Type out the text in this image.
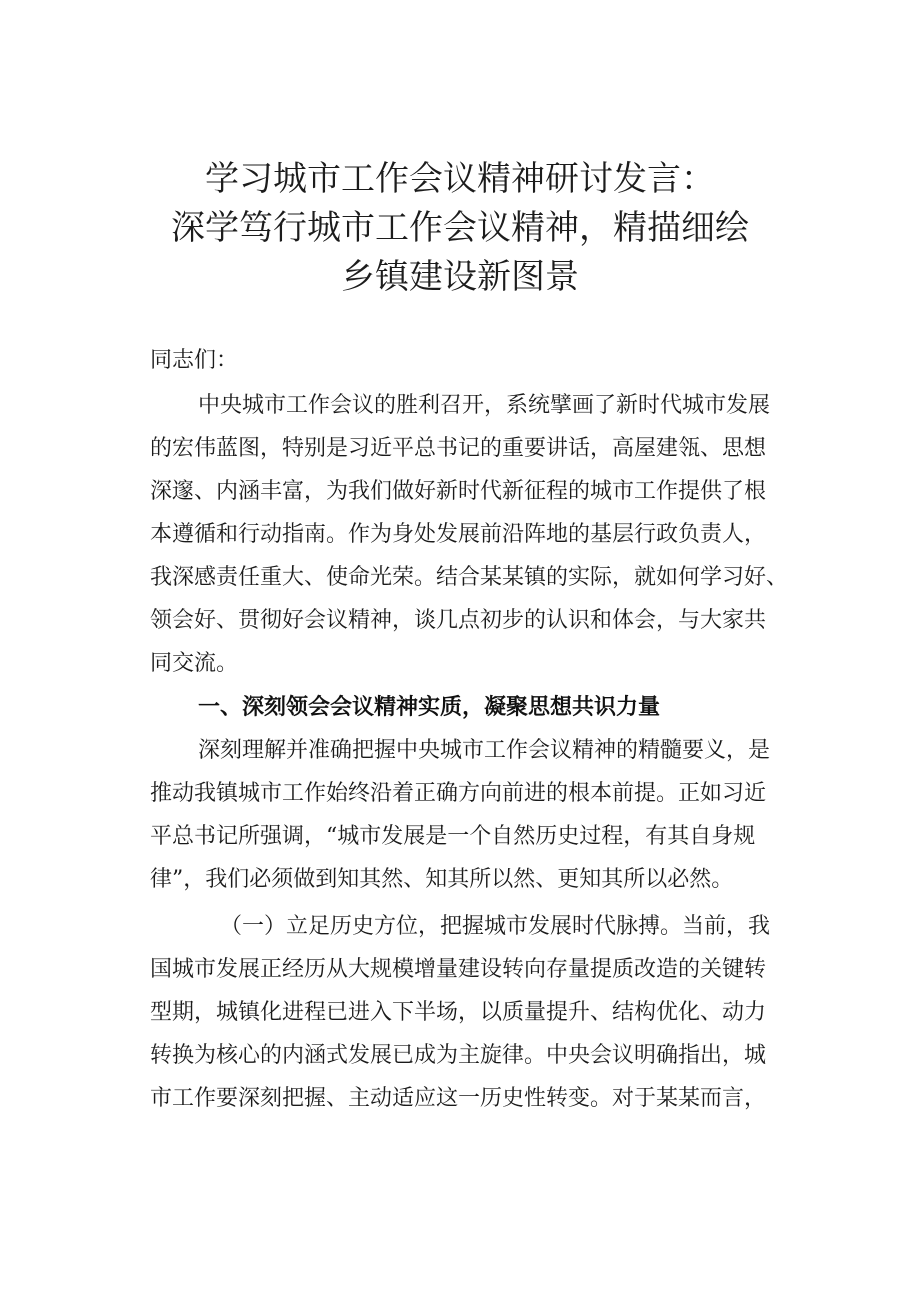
学习城市工作会议精神研讨发言：
深学笃行城市工作会议精神，精描细绘
乡镇建设新图景
同志们：
中央城市工作会议的胜利召开，系统擘画了新时代城市发展
的宏伟蓝图，特别是习近平总书记的重要讲话，高屋建瓴、思想
深邃、内涵丰富，为我们做好新时代新征程的城市工作提供了根
本遵循和行动指南。作为身处发展前沿阵地的基层行政负责人，
我深感责任重大、使命光荣。结合某某镇的实际，就如何学习好、
领会好、贯彻好会议精神，谈几点初步的认识和体会，与大家共
同交流。
一、深刻领会会议精神实质，凝聚思想共识力量
深刻理解并准确把握中央城市工作会议精神的精髓要义，是
推动我镇城市工作始终沿着正确方向前进的根本前提。正如习近
平总书记所强调，“城市发展是一个自然历史过程，有其自身规
律”，我们必须做到知其然、知其所以然、更知其所以必然。
（一）立足历史方位，把握城市发展时代脉搏。当前，我
国城市发展正经历从大规模增量建设转向存量提质改造的关键转
型期，城镇化进程已进入下半场，以质量提升、结构优化、动力
转换为核心的内涵式发展已成为主旋律。中央会议明确指出，城
市工作要深刻把握、主动适应这一历史性转变。对于某某而言，
